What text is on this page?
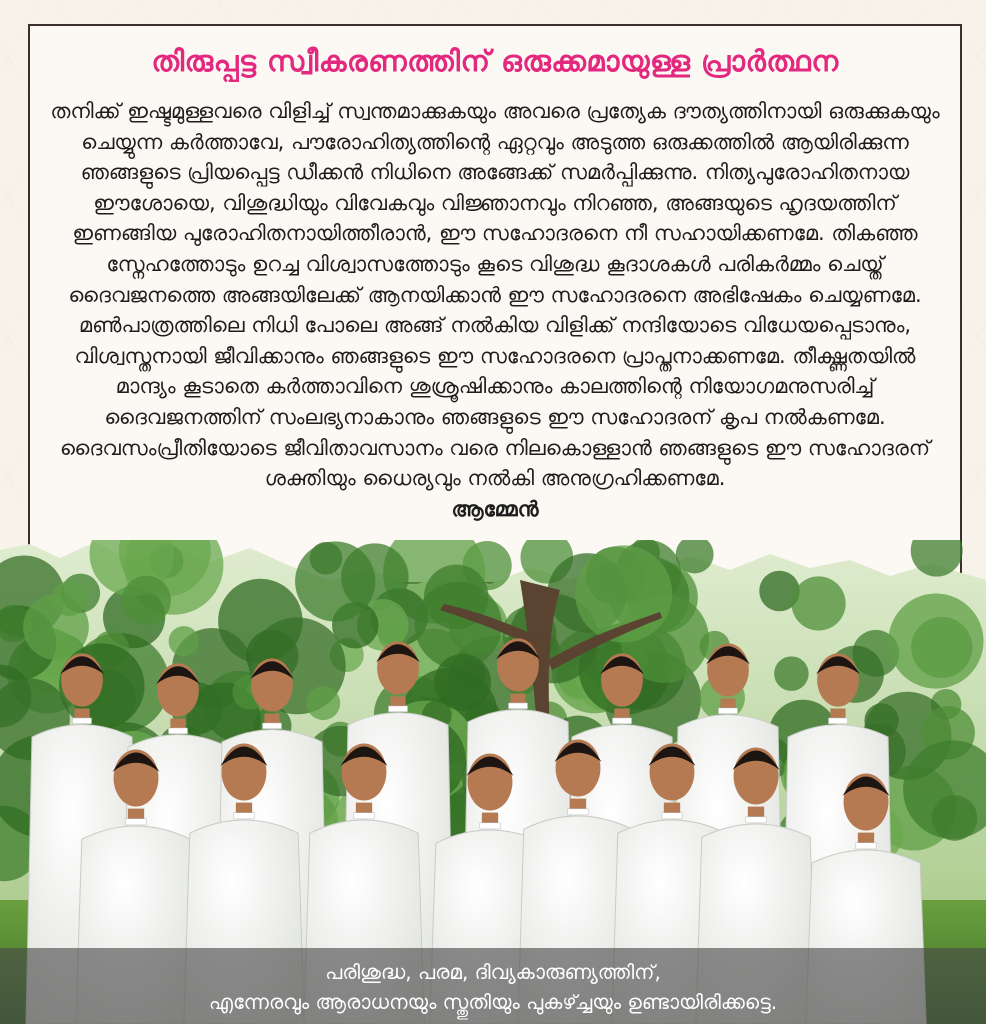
തിരുപ്പട്ട സ്വീകരണത്തിന് ഒരുക്കമായുള്ള പ്രാർത്ഥന
തനിക്ക് ഇഷ്ടമുള്ളവരെ വിളിച്ച് സ്വന്തമാക്കുകയും അവരെ പ്രത്യേക ദൗത്യത്തിനായി ഒരുക്കുകയും
ചെയ്യുന്ന കർത്താവേ, പൗരോഹിത്യത്തിന്റെ ഏറ്റവും അടുത്ത ഒരുക്കത്തിൽ ആയിരിക്കുന്ന
ഞങ്ങളുടെ പ്രിയപ്പെട്ട ഡീക്കൻ നിധിനെ അങ്ങേക്ക് സമർപ്പിക്കുന്നു. നിത്യപുരോഹിതനായ
ഈശോയെ, വിശുദ്ധിയും വിവേകവും വിജ്ഞാനവും നിറഞ്ഞ, അങ്ങയുടെ ഹൃദയത്തിന്
ഇണങ്ങിയ പുരോഹിതനായിത്തീരാൻ, ഈ സഹോദരനെ നീ സഹായിക്കണമേ. തികഞ്ഞ
സ്നേഹത്തോടും ഉറച്ച വിശ്വാസത്തോടും കൂടെ വിശുദ്ധ കൂദാശകൾ പരികർമ്മം ചെയ്ത്
ദൈവജനത്തെ അങ്ങയിലേക്ക് ആനയിക്കാൻ ഈ സഹോദരനെ അഭിഷേകം ചെയ്യണമേ.
മൺപാത്രത്തിലെ നിധി പോലെ അങ്ങ് നൽകിയ വിളിക്ക് നന്ദിയോടെ വിധേയപ്പെടാനും,
വിശ്വസ്തനായി ജീവിക്കാനും ഞങ്ങളുടെ ഈ സഹോദരനെ പ്രാപ്തനാക്കണമേ. തീക്ഷ്ണതയിൽ
മാന്ദ്യം കൂടാതെ കർത്താവിനെ ശുശ്രൂഷിക്കാനും കാലത്തിന്റെ നിയോഗമനുസരിച്ച്
ദൈവജനത്തിന് സംലഭ്യനാകാനും ഞങ്ങളുടെ ഈ സഹോദരന് കൃപ നൽകണമേ.
ദൈവസംപ്രീതിയോടെ ജീവിതാവസാനം വരെ നിലകൊള്ളാൻ ഞങ്ങളുടെ ഈ സഹോദരന്
ശക്തിയും ധൈര്യവും നൽകി അനുഗ്രഹിക്കണമേ.
ആമ്മേൻ
പരിശുദ്ധ, പരമ, ദിവ്യകാരുണ്യത്തിന്,
എന്നേരവും ആരാധനയും സ്തുതിയും പുകഴ്ച്ചയും ഉണ്ടായിരിക്കട്ടെ.
